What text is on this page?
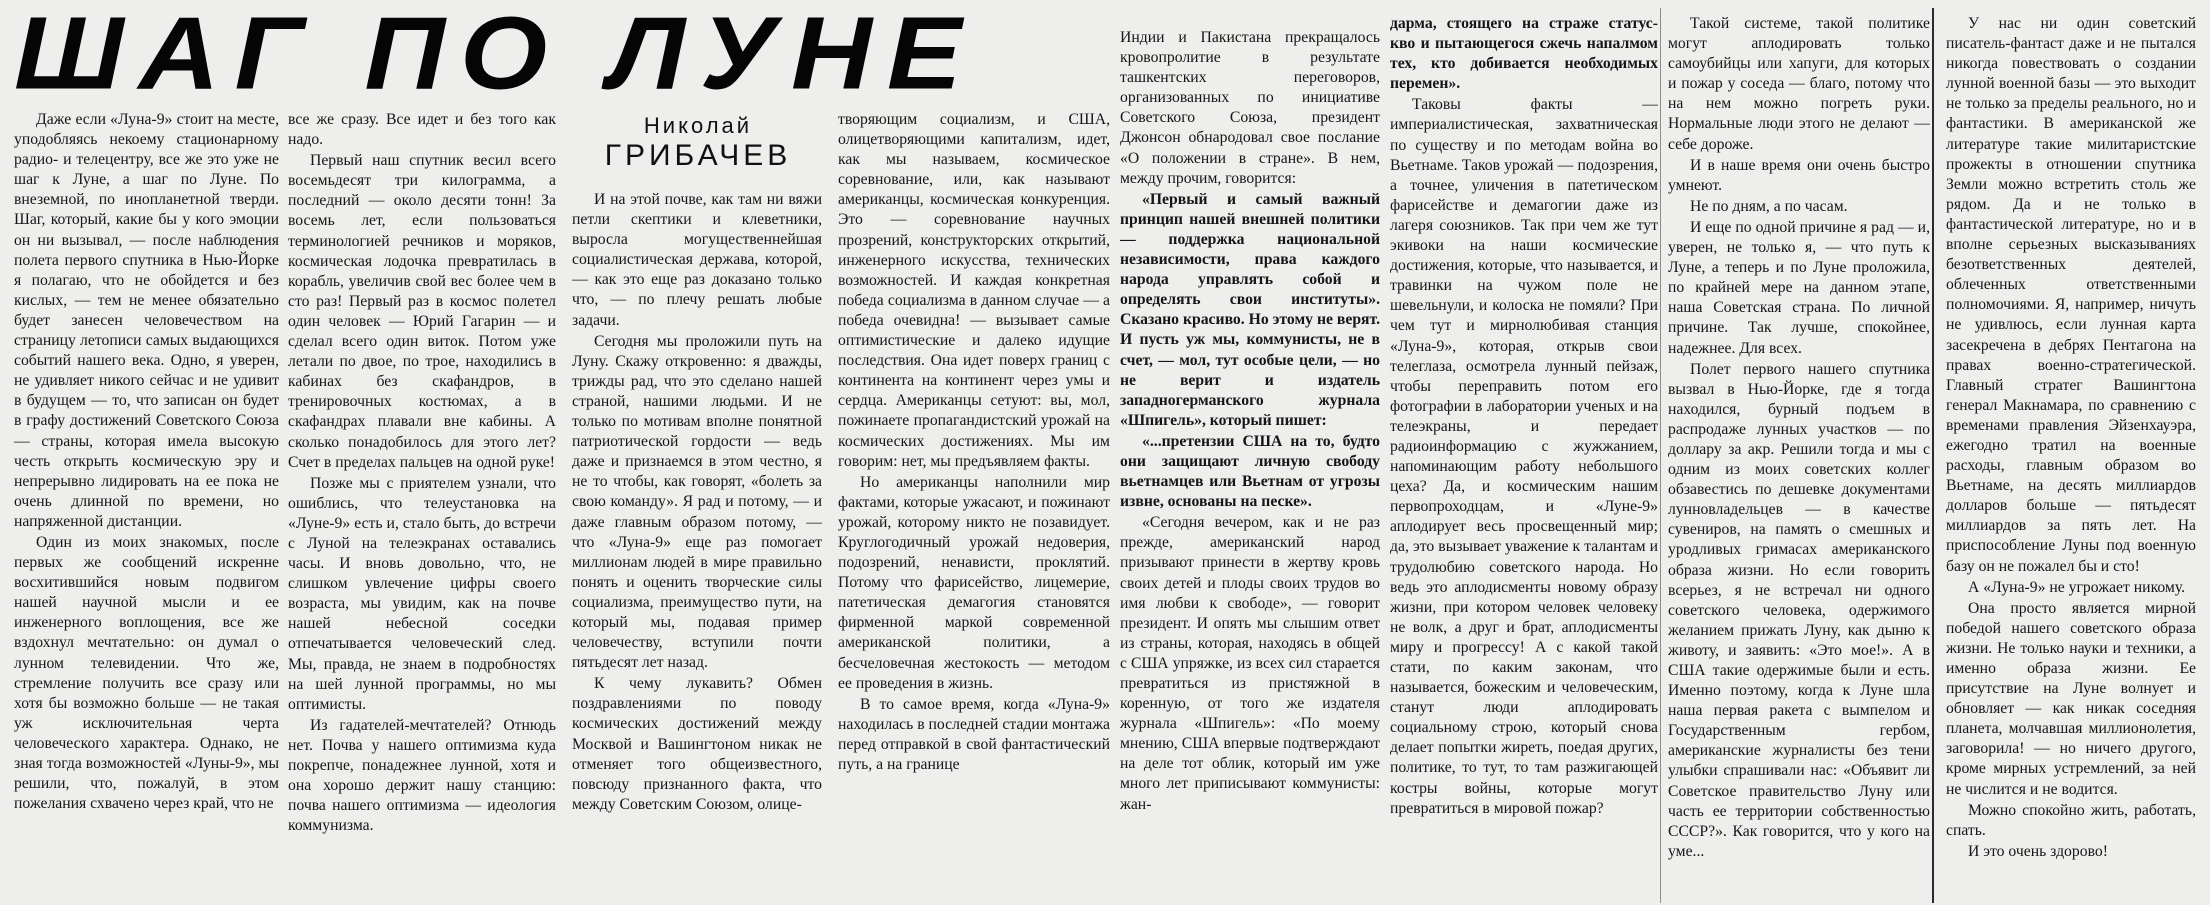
ШАГ ПО ЛУНЕ
Николай
ГРИБАЧЕВ

Даже если «Луна-9» стоит на месте, уподобляясь некоему стационарному радио- и телецентру, все же это уже не шаг к Луне, а шаг по Луне. По внеземной, по инопланетной тверди. Шаг, который, какие бы у кого эмоции он ни вызывал, — после наблюдения полета первого спутника в Нью-Йорке я полагаю, что не обойдется и без кислых, — тем не менее обязательно будет занесен человечеством на страницу летописи самых выдающихся событий нашего века. Одно, я уверен, не удивляет никого сейчас и не удивит в будущем — то, что записан он будет в графу достижений Советского Союза — страны, которая имела высокую честь открыть космическую эру и непрерывно лидировать на ее пока не очень длинной по времени, но напряженной дистанции.

Один из моих знакомых, после первых же сообщений искренне восхитившийся новым подвигом нашей научной мысли и ее инженерного воплощения, все же вздохнул мечтательно: он думал о лунном телевидении. Что же, стремление получить все сразу или хотя бы возможно больше — не такая уж исключительная черта человеческого характера. Однако, не зная тогда возможностей «Луны-9», мы решили, что, пожалуй, в этом пожелания схвачено через край, что не

все же сразу. Все идет и без того как надо.

Первый наш спутник весил всего восемьдесят три килограмма, а последний — около десяти тонн! За восемь лет, если пользоваться терминологией речников и моряков, космическая лодочка превратилась в корабль, увеличив свой вес более чем в сто раз! Первый раз в космос полетел один человек — Юрий Гагарин — и сделал всего один виток. Потом уже летали по двое, по трое, находились в кабинах без скафандров, в тренировочных костюмах, а в скафандрах плавали вне кабины. А сколько понадобилось для этого лет? Счет в пределах пальцев на одной руке!

Позже мы с приятелем узнали, что ошиблись, что телеустановка на «Луне-9» есть и, стало быть, до встречи с Луной на телеэкранах оставались часы. И вновь довольно, что, не слишком увлечение цифры своего возраста, мы увидим, как на почве нашей небесной соседки отпечатывается человеческий след. Мы, правда, не знаем в подробностях на шей лунной программы, но мы оптимисты.

Из гадателей-мечтателей? Отнюдь нет. Почва у нашего оптимизма куда покрепче, понадежнее лунной, хотя и она хорошо держит нашу станцию: почва нашего оптимизма — идеология коммунизма.

И на этой почве, как там ни вяжи петли скептики и клеветники, выросла могущественнейшая социалистическая держава, которой, — как это еще раз доказано только что, — по плечу решать любые задачи.

Сегодня мы проложили путь на Луну. Скажу откровенно: я дважды, трижды рад, что это сделано нашей страной, нашими людьми. И не только по мотивам вполне понятной патриотической гордости — ведь даже и признаемся в этом честно, я не то чтобы, как говорят, «болеть за свою команду». Я рад и потому, — и даже главным образом потому, — что «Луна-9» еще раз помогает миллионам людей в мире правильно понять и оценить творческие силы социализма, преимущество пути, на который мы, подавая пример человечеству, вступили почти пятьдесят лет назад.

К чему лукавить? Обмен поздравлениями по поводу космических достижений между Москвой и Вашингтоном никак не отменяет того общеизвестного, повсюду признанного факта, что между Советским Союзом, олице-

творяющим социализм, и США, олицетворяющими капитализм, идет, как мы называем, космическое соревнование, или, как называют американцы, космическая конкуренция. Это — соревнование научных прозрений, конструкторских открытий, инженерного искусства, технических возможностей. И каждая конкретная победа социализма в данном случае — а победа очевидна! — вызывает самые оптимистические и далеко идущие последствия. Она идет поверх границ с континента на континент через умы и сердца. Американцы сетуют: вы, мол, пожинаете пропагандистский урожай на космических достижениях. Мы им говорим: нет, мы предъявляем факты.

Но американцы наполнили мир фактами, которые ужасают, и пожинают урожай, которому никто не позавидует. Круглогодичный урожай недоверия, подозрений, ненависти, проклятий. Потому что фарисейство, лицемерие, патетическая демагогия становятся фирменной маркой современной американской политики, а бесчеловечная жестокость — методом ее проведения в жизнь.

В то самое время, когда «Луна-9» находилась в последней стадии монтажа перед отправкой в свой фантастический путь, а на границе

Индии и Пакистана прекращалось кровопролитие в результате ташкентских переговоров, организованных по инициативе Советского Союза, президент Джонсон обнародовал свое послание «О положении в стране». В нем, между прочим, говорится:

«Первый и самый важный принцип нашей внешней политики — поддержка национальной независимости, права каждого народа управлять собой и определять свои институты». Сказано красиво. Но этому не верят. И пусть уж мы, коммунисты, не в счет, — мол, тут особые цели, — но не верит и издатель западногерманского журнала «Шпигель», который пишет:

«...претензии США на то, будто они защищают личную свободу вьетнамцев или Вьетнам от угрозы извне, основаны на песке».

«Сегодня вечером, как и не раз прежде, американский народ призывают принести в жертву кровь своих детей и плоды своих трудов во имя любви к свободе», — говорит президент. И опять мы слышим ответ из страны, которая, находясь в общей с США упряжке, из всех сил старается превратиться из пристяжной в коренную, от того же издателя журнала «Шпигель»: «По моему мнению, США впервые подтверждают на деле тот облик, который им уже много лет приписывают коммунисты: жан-

дарма, стоящего на страже статус-кво и пытающегося сжечь напалмом тех, кто добивается необходимых перемен».

Таковы факты — империалистическая, захватническая по существу и по методам война во Вьетнаме. Таков урожай — подозрения, а точнее, уличения в патетическом фарисействе и демагогии даже из лагеря союзников. Так при чем же тут экивоки на наши космические достижения, которые, что называется, и травинки на чужом поле не шевельнули, и колоска не помяли? При чем тут и мирнолюбивая станция «Луна-9», которая, открыв свои телеглаза, осмотрела лунный пейзаж, чтобы переправить потом его фотографии в лаборатории ученых и на телеэкраны, и передает радиоинформацию с жужжанием, напоминающим работу небольшого цеха? Да, и космическим нашим первопроходцам, и «Луне-9» аплодирует весь просвещенный мир; да, это вызывает уважение к талантам и трудолюбию советского народа. Но ведь это аплодисменты новому образу жизни, при котором человек человеку не волк, а друг и брат, аплодисменты миру и прогрессу! А с какой такой стати, по каким законам, что называется, божеским и человеческим, станут люди аплодировать социальному строю, который снова делает попытки жиреть, поедая других, политике, то тут, то там разжигающей костры войны, которые могут превратиться в мировой пожар?

Такой системе, такой политике могут аплодировать только самоубийцы или хапуги, для которых и пожар у соседа — благо, потому что на нем можно погреть руки. Нормальные люди этого не делают — себе дороже.

И в наше время они очень быстро умнеют.

Не по дням, а по часам.

И еще по одной причине я рад — и, уверен, не только я, — что путь к Луне, а теперь и по Луне проложила, по крайней мере на данном этапе, наша Советская страна. По личной причине. Так лучше, спокойнее, надежнее. Для всех.

Полет первого нашего спутника вызвал в Нью-Йорке, где я тогда находился, бурный подъем в распродаже лунных участков — по доллару за акр. Решили тогда и мы с одним из моих советских коллег обзавестись по дешевке документами лунновладельцев — в качестве сувениров, на память о смешных и уродливых гримасах американского образа жизни. Но если говорить всерьез, я не встречал ни одного советского человека, одержимого желанием прижать Луну, как дыню к животу, и заявить: «Это мое!». А в США такие одержимые были и есть. Именно поэтому, когда к Луне шла наша первая ракета с вымпелом и Государственным гербом, американские журналисты без тени улыбки спрашивали нас: «Объявит ли Советское правительство Луну или часть ее территории собственностью СССР?». Как говорится, что у кого на уме...

У нас ни один советский писатель-фантаст даже и не пытался никогда повествовать о создании лунной военной базы — это выходит не только за пределы реального, но и фантастики. В американской же литературе такие милитаристские прожекты в отношении спутника Земли можно встретить столь же рядом. Да и не только в фантастической литературе, но и в вполне серьезных высказываниях безответственных деятелей, облеченных ответственными полномочиями. Я, например, ничуть не удивлюсь, если лунная карта засекречена в дебрях Пентагона на правах военно-стратегической. Главный стратег Вашингтона генерал Макнамара, по сравнению с временами правления Эйзенхауэра, ежегодно тратил на военные расходы, главным образом во Вьетнаме, на десять миллиардов долларов больше — пятьдесят миллиардов за пять лет. На приспособление Луны под военную базу он не пожалел бы и сто!

А «Луна-9» не угрожает никому.

Она просто является мирной победой нашего советского образа жизни. Не только науки и техники, а именно образа жизни. Ее присутствие на Луне волнует и обновляет — как никак соседняя планета, молчавшая миллионолетия, заговорила! — но ничего другого, кроме мирных устремлений, за ней не числится и не водится.

Можно спокойно жить, работать, спать.

И это очень здорово!
